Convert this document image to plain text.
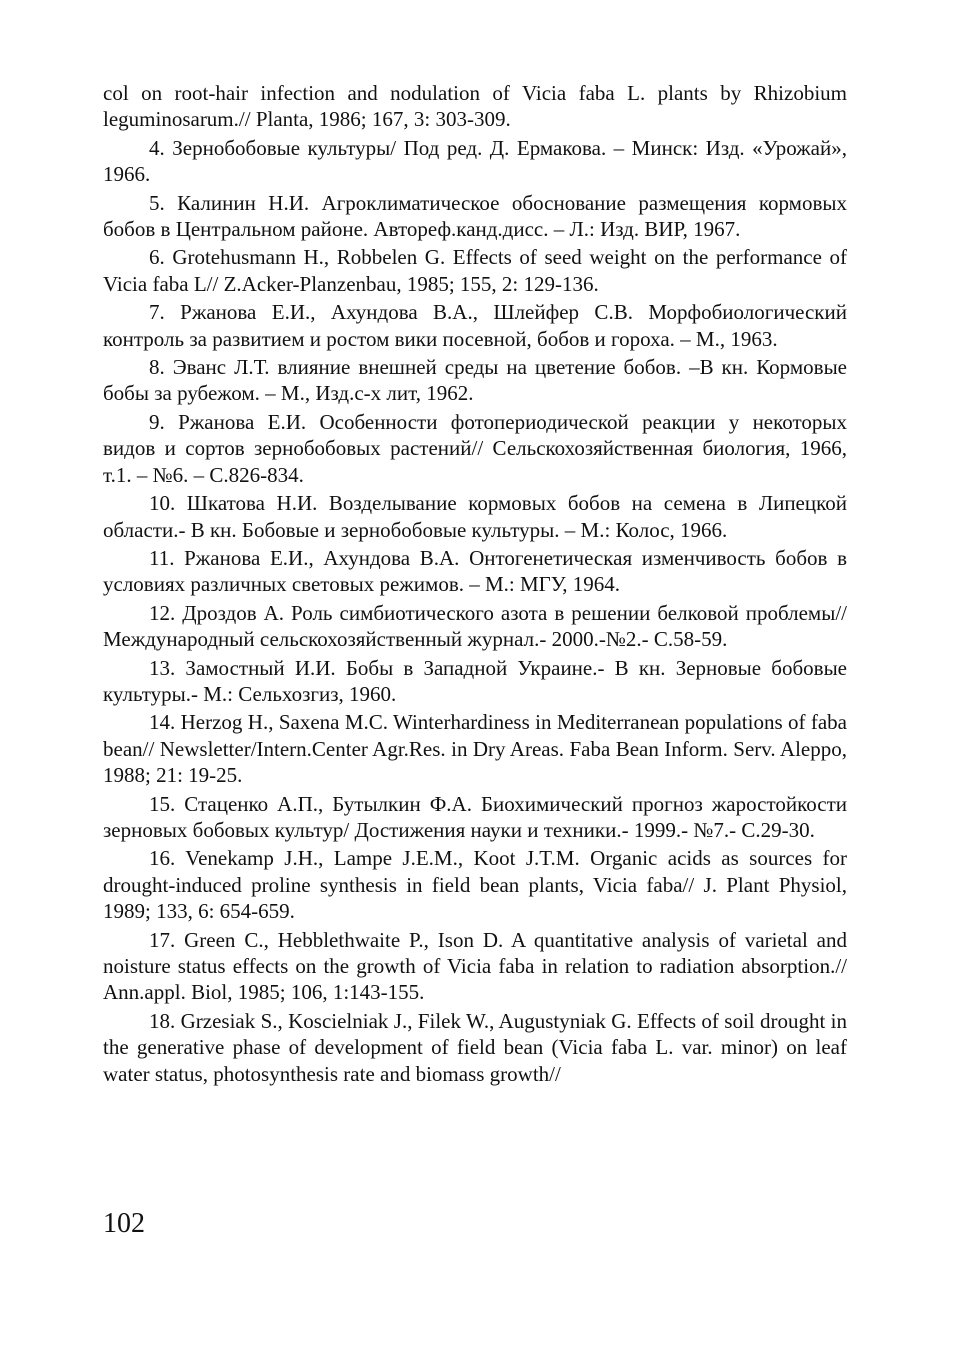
col on root-hair infection and nodulation of Vicia faba L. plants by Rhizobium leguminosarum.// Planta, 1986; 167, 3: 303-309.

4. Зернобобовые культуры/ Под ред. Д. Ермакова. – Минск: Изд. «Урожай», 1966.

5. Калинин Н.И. Агроклиматическое обоснование размещения кормовых бобов в Центральном районе. Автореф.канд.дисс. – Л.: Изд. ВИР, 1967.

6. Grotehusmann H., Robbelen G. Effects of seed weight on the performance of Vicia faba L// Z.Acker-Planzenbau, 1985; 155, 2: 129-136.

7. Ржанова Е.И., Ахундова В.А., Шлейфер С.В. Морфобиологический контроль за развитием и ростом вики посевной, бобов и гороха. – М., 1963.

8. Эванс Л.Т. влияние внешней среды на цветение бобов. –В кн. Кормовые бобы за рубежом. – М., Изд.с-х лит, 1962.

9. Ржанова Е.И. Особенности фотопериодической реакции у некоторых видов и сортов зернобобовых растений// Сельскохозяйственная биология, 1966, т.1. – №6. – С.826-834.

10. Шкатова Н.И. Возделывание кормовых бобов на семена в Липецкой области.- В кн. Бобовые и зернобобовые культуры. – М.: Колос, 1966.

11. Ржанова Е.И., Ахундова В.А. Онтогенетическая изменчивость бобов в условиях различных световых режимов. – М.: МГУ, 1964.

12. Дроздов А. Роль симбиотического азота в решении белковой проблемы// Международный сельскохозяйственный журнал.- 2000.-№2.- С.58-59.

13. Замостный И.И. Бобы в Западной Украине.- В кн. Зерновые бобовые культуры.- М.: Сельхозгиз, 1960.

14. Herzog H., Saxena M.C. Winterhardiness in Mediterranean populations of faba bean// Newsletter/Intern.Center Agr.Res. in Dry Areas. Faba Bean Inform. Serv. Aleppo, 1988; 21: 19-25.

15. Стаценко А.П., Бутылкин Ф.А. Биохимический прогноз жаростойкости зерновых бобовых культур/ Достижения науки и техники.- 1999.- №7.- С.29-30.

16. Venekamp J.H., Lampe J.E.M., Koot J.T.M. Organic acids as sources for drought-induced proline synthesis in field bean plants, Vicia faba// J. Plant Physiol, 1989; 133, 6: 654-659.

17. Green C., Hebblethwaite P., Ison D. A quantitative analysis of varietal and noisture status effects on the growth of Vicia faba in relation to radiation absorption.// Ann.appl. Biol, 1985; 106, 1:143-155.

18. Grzesiak S., Koscielniak J., Filek W., Augustyniak G. Effects of soil drought in the generative phase of development of field bean (Vicia faba L. var. minor) on leaf water status, photosynthesis rate and biomass growth//

102
